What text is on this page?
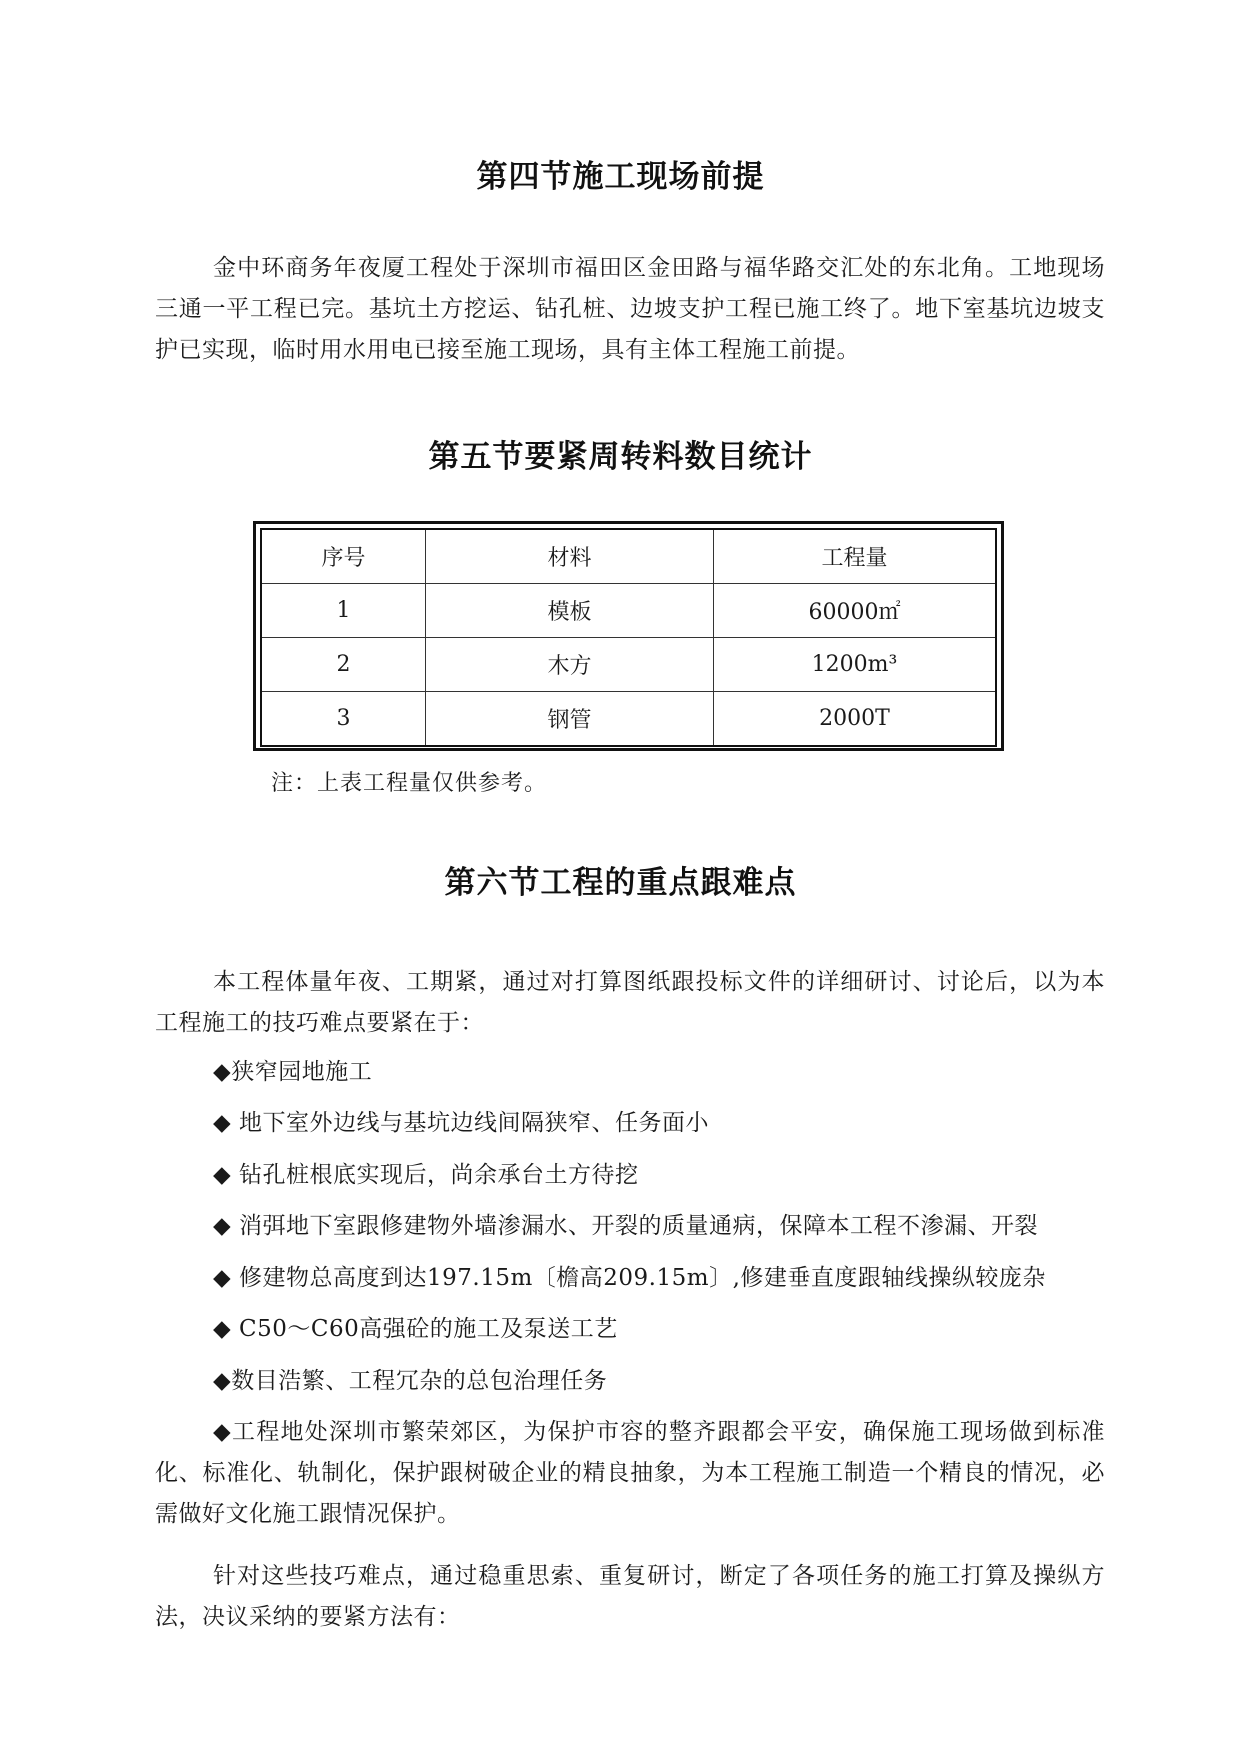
第四节施工现场前提

金中环商务年夜厦工程处于深圳市福田区金田路与福华路交汇处的东北角。工地现场三通一平工程已完。基坑土方挖运、钻孔桩、边坡支护工程已施工终了。地下室基坑边坡支护已实现，临时用水用电已接至施工现场，具有主体工程施工前提。

第五节要紧周转料数目统计
序号	材料	工程量
1	模板	60000㎡
2	木方	1200m³
3	钢管	2000T

注：上表工程量仅供参考。

第六节工程的重点跟难点

本工程体量年夜、工期紧，通过对打算图纸跟投标文件的详细研讨、讨论后，以为本工程施工的技巧难点要紧在于：

◆狭窄园地施工

◆ 地下室外边线与基坑边线间隔狭窄、任务面小

◆ 钻孔桩根底实现后，尚余承台土方待挖

◆ 消弭地下室跟修建物外墙渗漏水、开裂的质量通病，保障本工程不渗漏、开裂

◆ 修建物总高度到达197.15m〔檐高209.15m〕,修建垂直度跟轴线操纵较庞杂

◆ C50～C60高强砼的施工及泵送工艺

◆数目浩繁、工程冗杂的总包治理任务

◆工程地处深圳市繁荣郊区，为保护市容的整齐跟都会平安，确保施工现场做到标准化、标准化、轨制化，保护跟树破企业的精良抽象，为本工程施工制造一个精良的情况，必需做好文化施工跟情况保护。

针对这些技巧难点，通过稳重思索、重复研讨，断定了各项任务的施工打算及操纵方法，决议采纳的要紧方法有：
